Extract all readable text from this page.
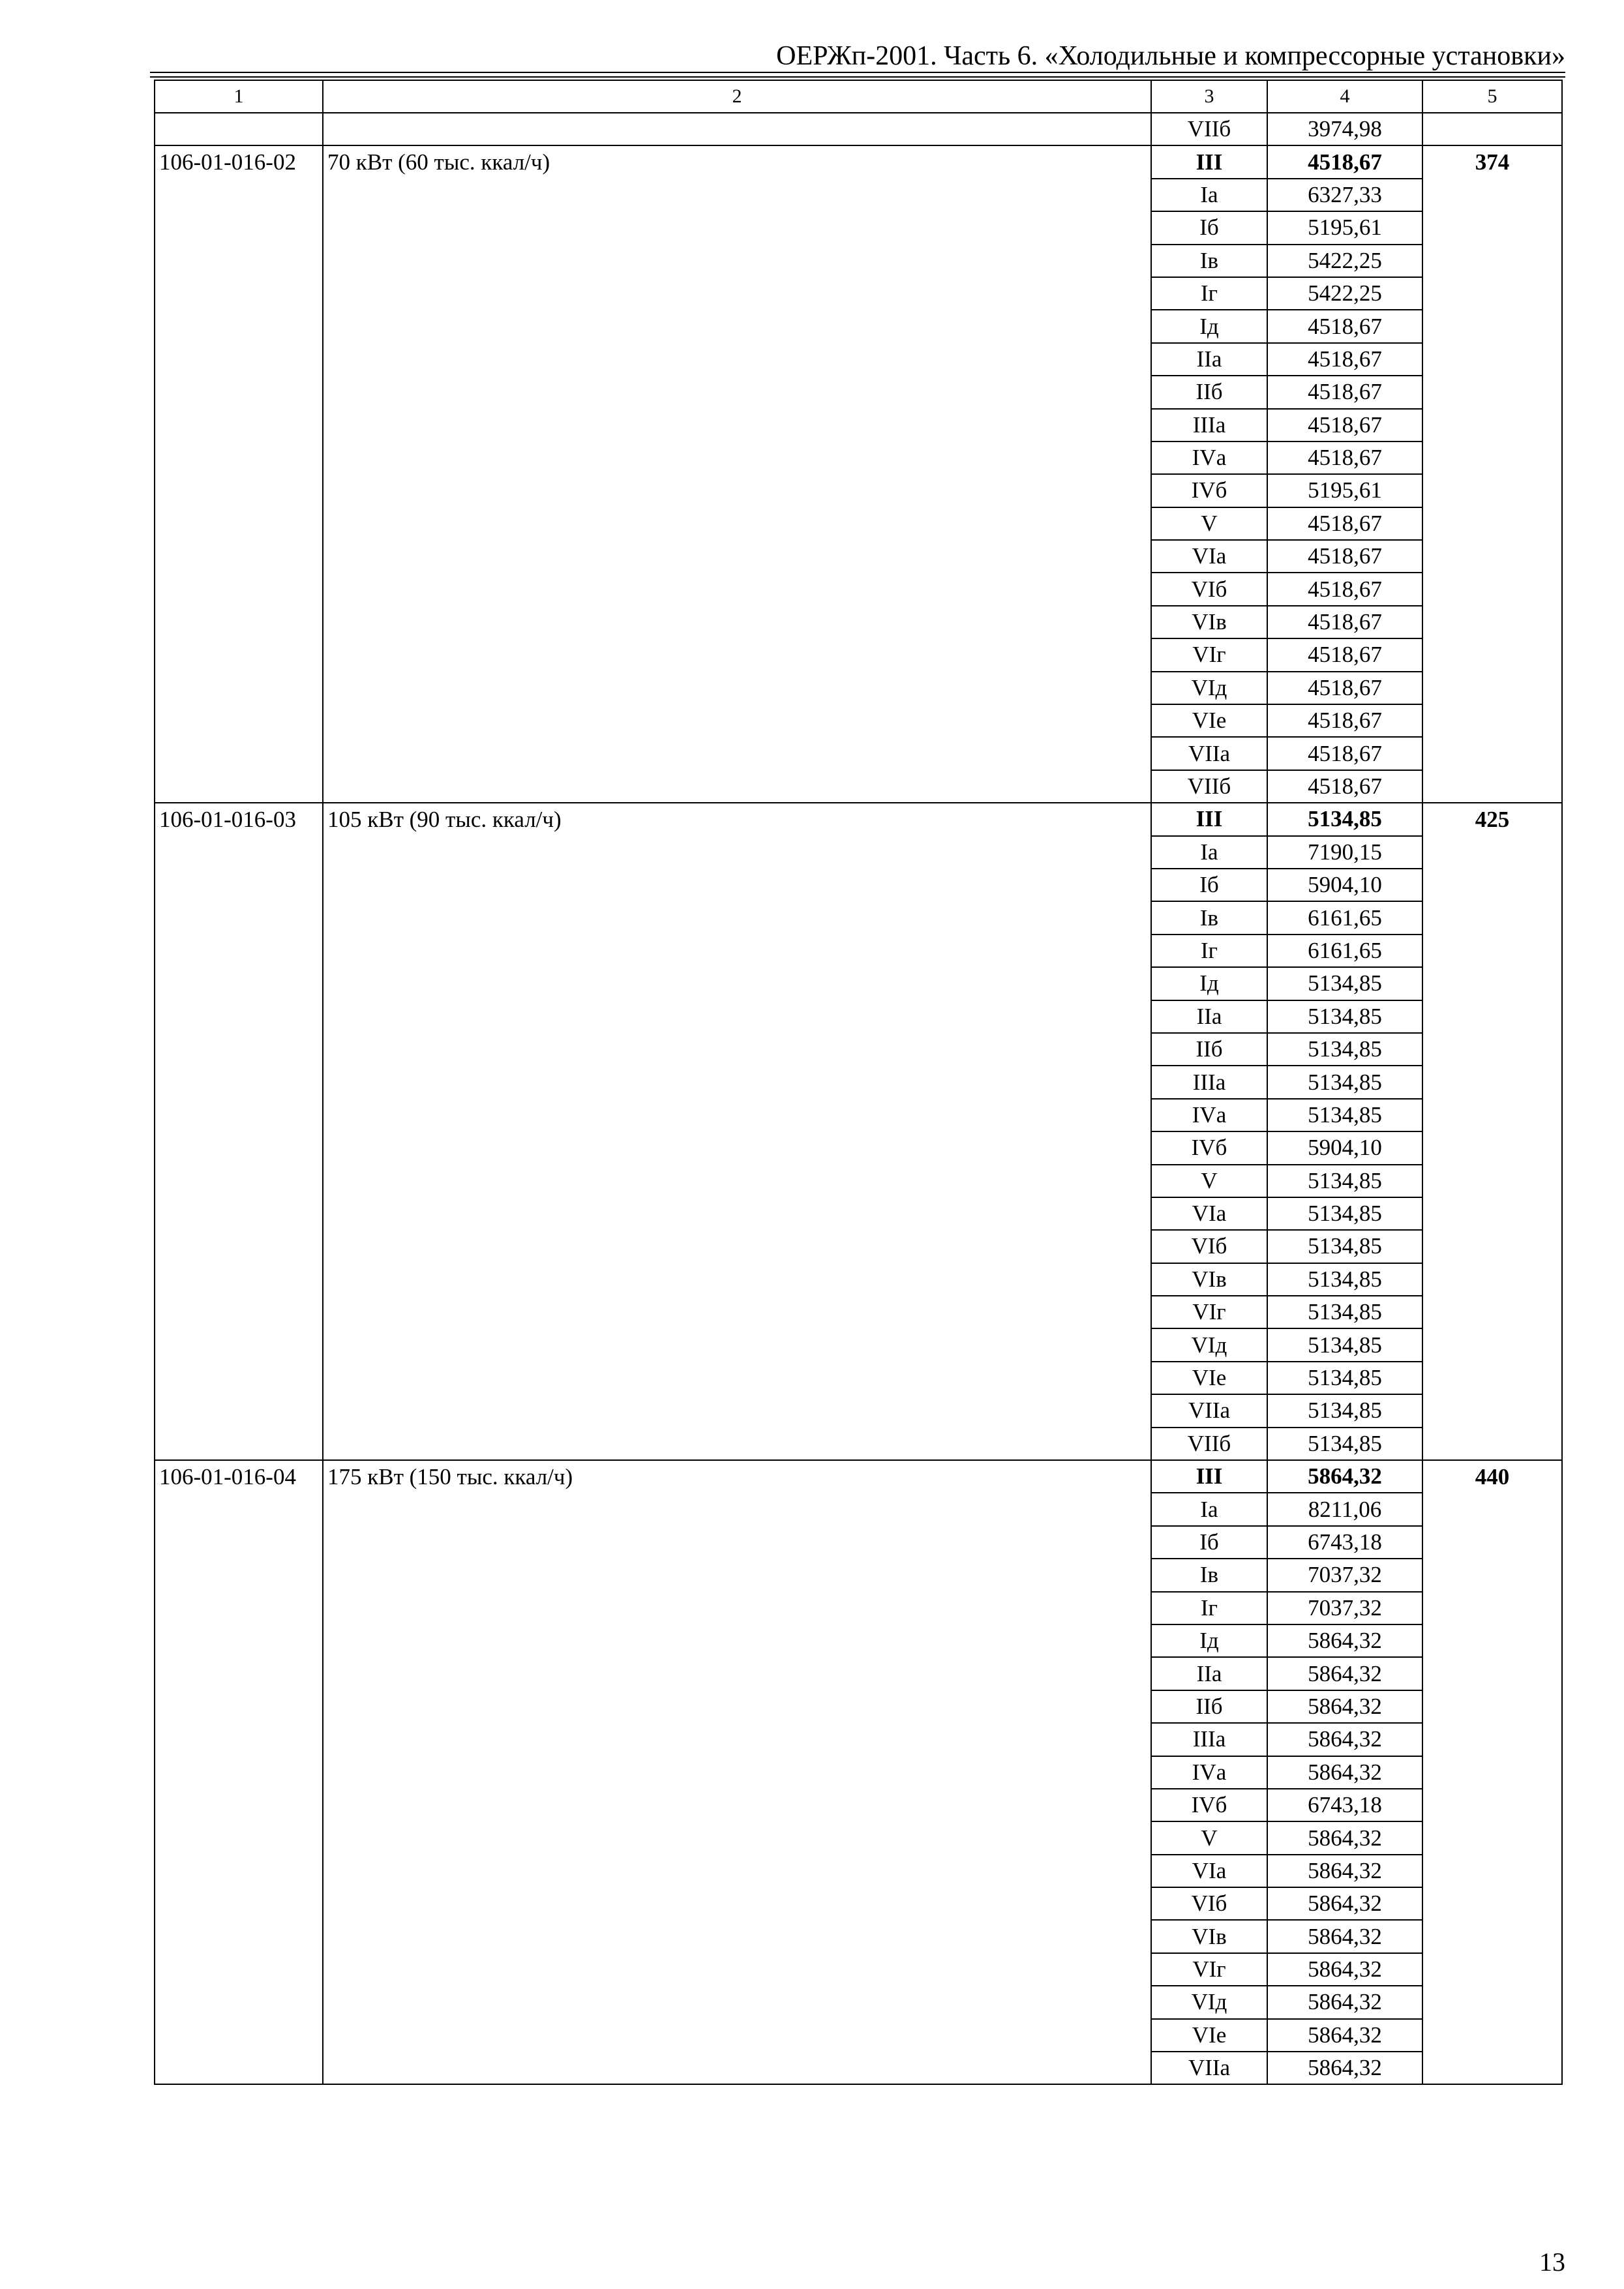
ОЕРЖп-2001. Часть 6. «Холодильные и компрессорные установки»
1	2	3	4	5
		VIIб	3974,98	
106-01-016-02	70 кВт (60 тыс. ккал/ч)	III	4518,67	374
		Iа	6327,33	
		Iб	5195,61	
		Iв	5422,25	
		Iг	5422,25	
		Iд	4518,67	
		IIа	4518,67	
		IIб	4518,67	
		IIIа	4518,67	
		IVа	4518,67	
		IVб	5195,61	
		V	4518,67	
		VIа	4518,67	
		VIб	4518,67	
		VIв	4518,67	
		VIг	4518,67	
		VIд	4518,67	
		VIе	4518,67	
		VIIа	4518,67	
		VIIб	4518,67	
106-01-016-03	105 кВт (90 тыс. ккал/ч)	III	5134,85	425
		Iа	7190,15	
		Iб	5904,10	
		Iв	6161,65	
		Iг	6161,65	
		Iд	5134,85	
		IIа	5134,85	
		IIб	5134,85	
		IIIа	5134,85	
		IVа	5134,85	
		IVб	5904,10	
		V	5134,85	
		VIа	5134,85	
		VIб	5134,85	
		VIв	5134,85	
		VIг	5134,85	
		VIд	5134,85	
		VIе	5134,85	
		VIIа	5134,85	
		VIIб	5134,85	
106-01-016-04	175 кВт (150 тыс. ккал/ч)	III	5864,32	440
		Iа	8211,06	
		Iб	6743,18	
		Iв	7037,32	
		Iг	7037,32	
		Iд	5864,32	
		IIа	5864,32	
		IIб	5864,32	
		IIIа	5864,32	
		IVа	5864,32	
		IVб	6743,18	
		V	5864,32	
		VIа	5864,32	
		VIб	5864,32	
		VIв	5864,32	
		VIг	5864,32	
		VIд	5864,32	
		VIе	5864,32	
		VIIа	5864,32	
13
